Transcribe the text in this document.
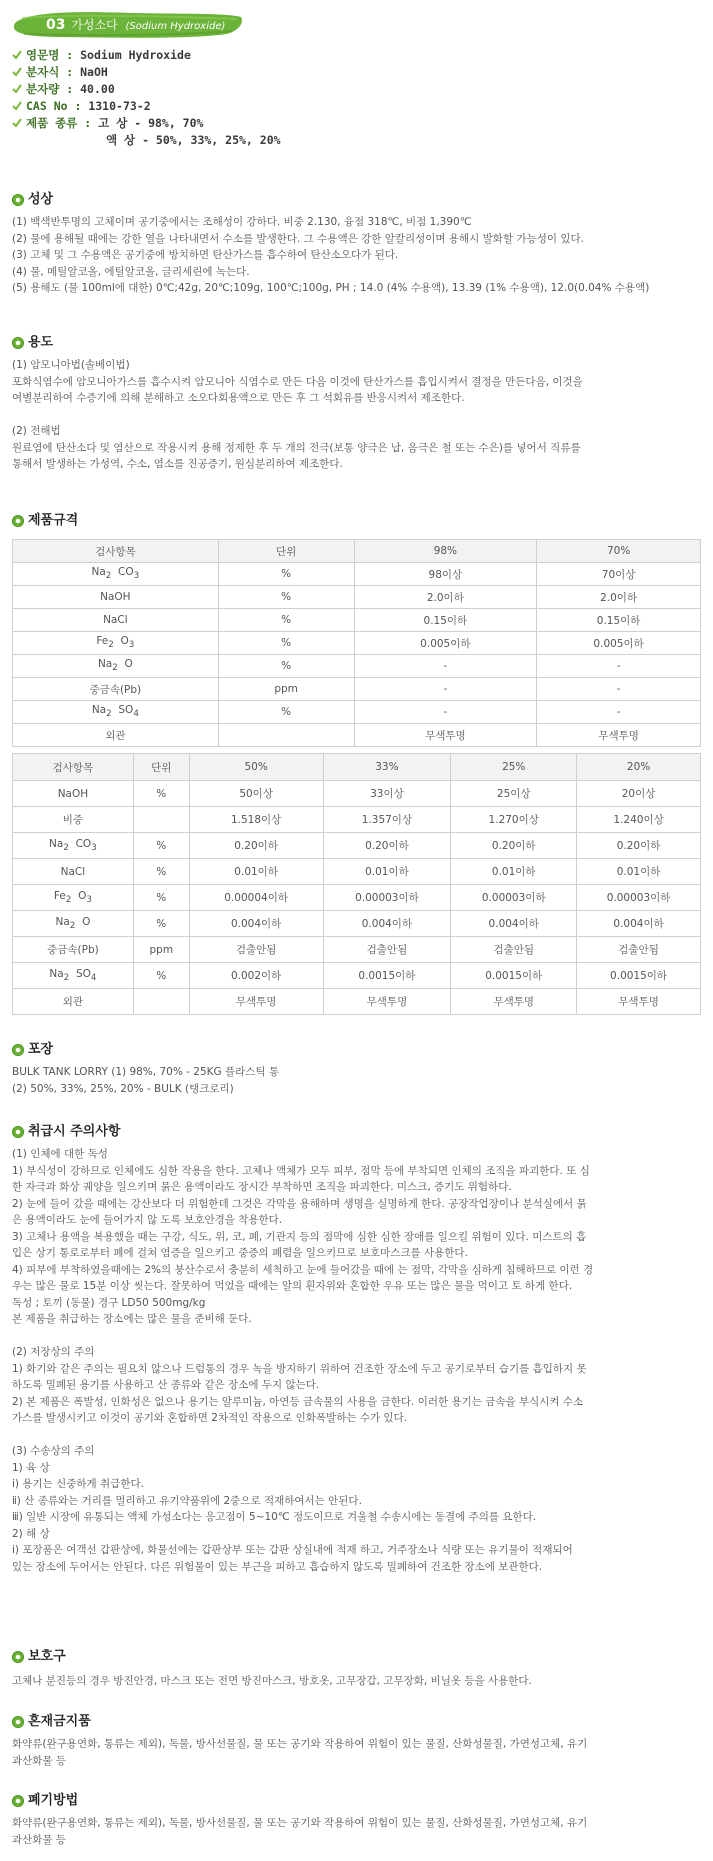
03 가성소다 (Sodium Hydroxide)
영문명 : Sodium Hydroxide
분자식 : NaOH
분자량 : 40.00
CAS No : 1310-73-2
제품 종류 : 고 상 - 98%, 70%
액 상 - 50%, 33%, 25%, 20%
성상

(1) 백색반투명의 고체이며 공기중에서는 조해성이 강하다. 비중 2.130, 융점 318℃, 비점 1,390℃

(2) 물에 용해될 때에는 강한 열을 나타내면서 수소를 발생한다. 그 수용액은 강한 알칼리성이며 용해시 발화할 가능성이 있다.

(3) 고체 및 그 수용액은 공기중에 방치하면 탄산가스를 흡수하여 탄산소오다가 된다.

(4) 물, 메틸알코올, 에틸알코올, 글리세린에 녹는다.

(5) 용해도 (물 100ml에 대한) 0℃;42g, 20℃;109g, 100℃;100g, PH ; 14.0 (4% 수용액), 13.39 (1% 수용액), 12.0(0.04% 수용액)

용도

(1) 암모니아법(솔베이법)

포화식염수에 암모니아가스를 흡수시켜 암모니아 식염수로 만든 다음 이것에 탄산가스를 흡입시켜서 결정을 만든다음, 이것을

여별분리하여 수증기에 의해 분해하고 소오다회용액으로 만든 후 그 석회유를 반응시켜서 제조한다.

(2) 전해법

원료염에 탄산소다 및 염산으로 작용시켜 용해 정제한 후 두 개의 전극(보통 양극은 납, 음극은 철 또는 수은)를 넣어서 직류를

통해서 발생하는 가성역, 수소, 염소를 진공증기, 원심분리하여 제조한다.

제품규격
검사항목	단위	98%	70%
$Na_2$ $CO_3$	%	98이상	70이상
NaOH	%	2.0이하	2.0이하
NaCl	%	0.15이하	0.15이하
$Fe_2$ $O_3$	%	0.005이하	0.005이하
$Na_2$ O	%	-	-
중금속(Pb)	ppm	-	-
$Na_2$ $SO_4$	%	-	-
외관		무색투명	무색투명
검사항목	단위	50%	33%	25%	20%
NaOH	%	50이상	33이상	25이상	20이상
비중		1.518이상	1.357이상	1.270이상	1.240이상
$Na_2$ $CO_3$	%	0.20이하	0.20이하	0.20이하	0.20이하
NaCl	%	0.01이하	0.01이하	0.01이하	0.01이하
$Fe_2$ $O_3$	%	0.00004이하	0.00003이하	0.00003이하	0.00003이하
$Na_2$ O	%	0.004이하	0.004이하	0.004이하	0.004이하
중금속(Pb)	ppm	검출안됨	검출안됨	검출안됨	검출안됨
$Na_2$ $SO_4$	%	0.002이하	0.0015이하	0.0015이하	0.0015이하
외관		무색투명	무색투명	무색투명	무색투명
포장

BULK TANK LORRY (1) 98%, 70% - 25KG 플라스틱 통

(2) 50%, 33%, 25%, 20% - BULK (탱크로리)

취급시 주의사항

(1) 인체에 대한 독성

1) 부식성이 강하므로 인체에도 심한 작용을 한다. 고체나 액체가 모두 피부, 점막 등에 부착되면 인체의 조직을 파괴한다. 또 심

한 자극과 화상 궤양을 일으키며 묽은 용액이라도 장시간 부착하면 조직을 파괴한다. 미스크, 증기도 위험하다.

2) 눈에 들어 갔을 때에는 강산보다 더 위험한데 그것은 각막을 용해하며 생명을 실명하게 한다. 공장작업장이나 분석실에서 묽

은 용액이라도 눈에 들어가지 않 도록 보호안경을 착용한다.

3) 고체나 용액을 복용했을 때는 구강, 식도, 위, 코, 폐, 기관지 등의 점막에 심한 심한 장애를 일으킬 위험이 있다. 미스트의 흡

입은 상기 통로로부터 폐에 걸쳐 염증을 일으키고 중증의 폐렴을 일으키므로 보호마스크를 사용한다.

4) 피부에 부착하였을때에는 2%의 붕산수로서 충분히 세척하고 눈에 들어갔을 때에 는 점막, 각막을 심하게 침해하므로 이런 경

우는 많은 물로 15분 이상 씻는다. 잘못하여 먹었을 때에는 알의 흰자위와 혼합한 우유 또는 많은 물을 먹이고 토 하게 한다.

독성 ; 토끼 (동물) 경구 LD50 500mg/kg

본 제품을 취급하는 장소에는 많은 물을 준비해 둔다.

(2) 저장상의 주의

1) 화기와 같은 주의는 필요치 않으나 드럼통의 경우 녹을 방지하기 위하여 건조한 장소에 두고 공기로부터 습기를 흡입하지 못

하도록 밀폐된 용기를 사용하고 산 종류와 같은 장소에 두지 않는다.

2) 본 제품은 폭발성, 인화성은 없으나 용기는 알루미늄, 아연등 금속물의 사용을 금한다. 이러한 용기는 금속을 부식시켜 수소

가스를 발생시키고 이것이 공기와 혼합하면 2차적인 작용으로 인화폭발하는 수가 있다.

(3) 수송상의 주의

1) 육 상

ⅰ) 용기는 신중하게 취급한다.

ⅱ) 산 종류와는 거리를 멀리하고 유기약품위에 2중으로 적재하여서는 안된다.

ⅲ) 일반 시장에 유통되는 액체 가성소다는 응고점이 5~10℃ 정도이므로 겨울철 수송시에는 동결에 주의를 요한다.

2) 해 상

ⅰ) 포장품은 여객선 갑판상에, 화물선에는 갑판상부 또는 갑판 상실내에 적재 하고, 거주장소나 식량 또는 유기물이 적재되어

있는 장소에 두어서는 안된다. 다른 위험물이 있는 부근을 피하고 흡습하지 않도록 밀폐하여 건조한 장소에 보관한다.

보호구

고체나 분진등의 경우 방진안경, 마스크 또는 전면 방진마스크, 방호옷, 고무장갑, 고무장화, 비닐옷 등을 사용한다.

혼재금지품

화약류(완구용연화, 통류는 제외), 독물, 방사선물질, 물 또는 공기와 작용하여 위험이 있는 물질, 산화성물질, 가연성고체, 유기

과산화물 등

폐기방법

화약류(완구용연화, 통류는 제외), 독물, 방사선물질, 물 또는 공기와 작용하여 위험이 있는 물질, 산화성물질, 가연성고체, 유기

과산화물 등
